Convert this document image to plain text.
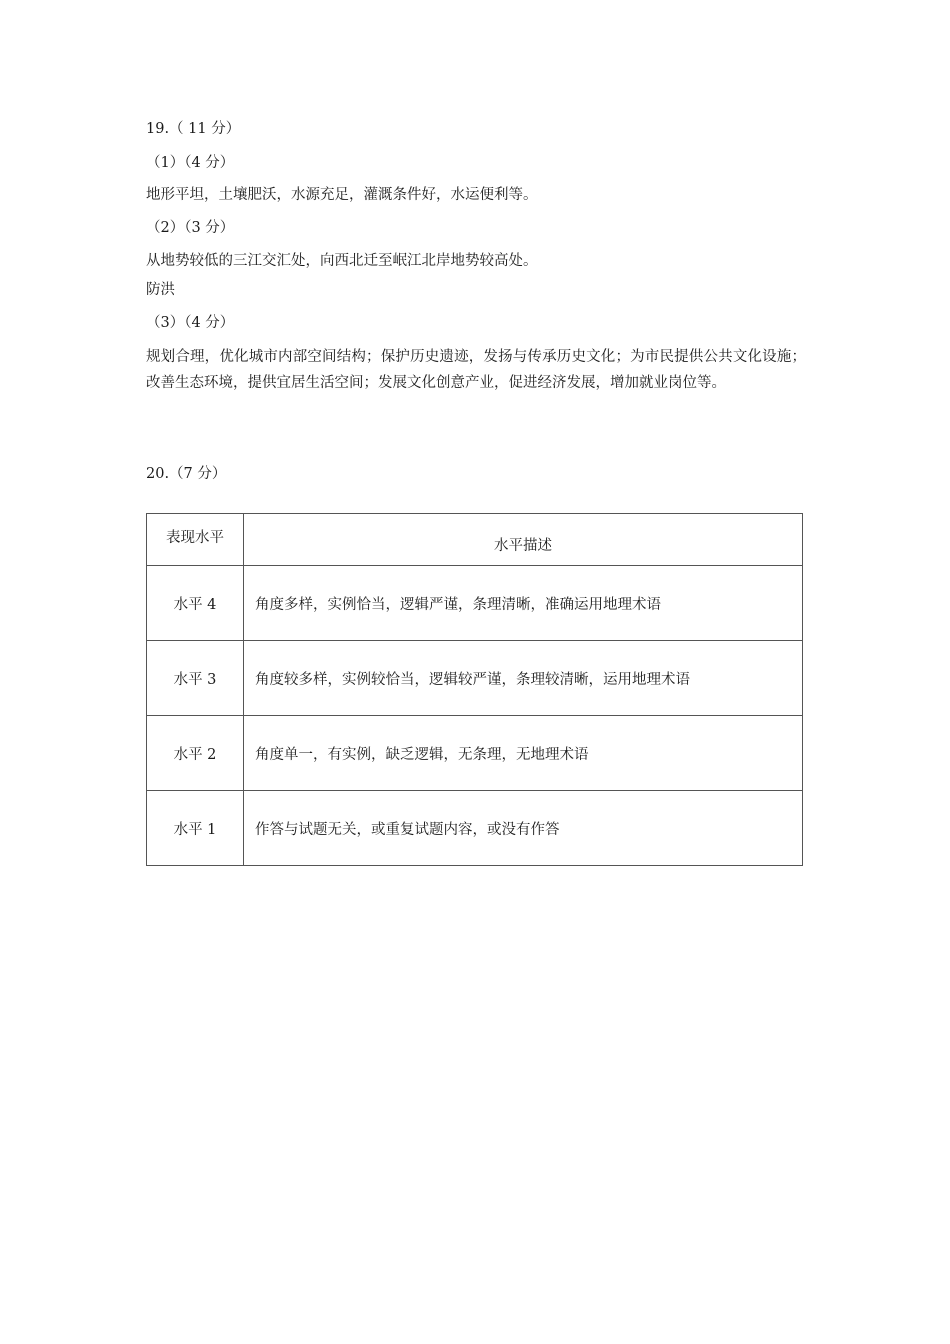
19.（ 11 分）
（1）（4 分）
地形平坦，土壤肥沃，水源充足，灌溉条件好，水运便利等。
（2）（3 分）
从地势较低的三江交汇处，向西北迁至岷江北岸地势较高处。
防洪
（3）（4 分）
规划合理，优化城市内部空间结构；保护历史遗迹，发扬与传承历史文化；为市民提供公共文化设施；改善生态环境，提供宜居生活空间；发展文化创意产业，促进经济发展，增加就业岗位等。
20.（7 分）
表现水平	水平描述
水平 4	角度多样，实例恰当，逻辑严谨，条理清晰，准确运用地理术语
水平 3	角度较多样，实例较恰当，逻辑较严谨，条理较清晰，运用地理术语
水平 2	角度单一，有实例，缺乏逻辑，无条理，无地理术语
水平 1	作答与试题无关，或重复试题内容，或没有作答
